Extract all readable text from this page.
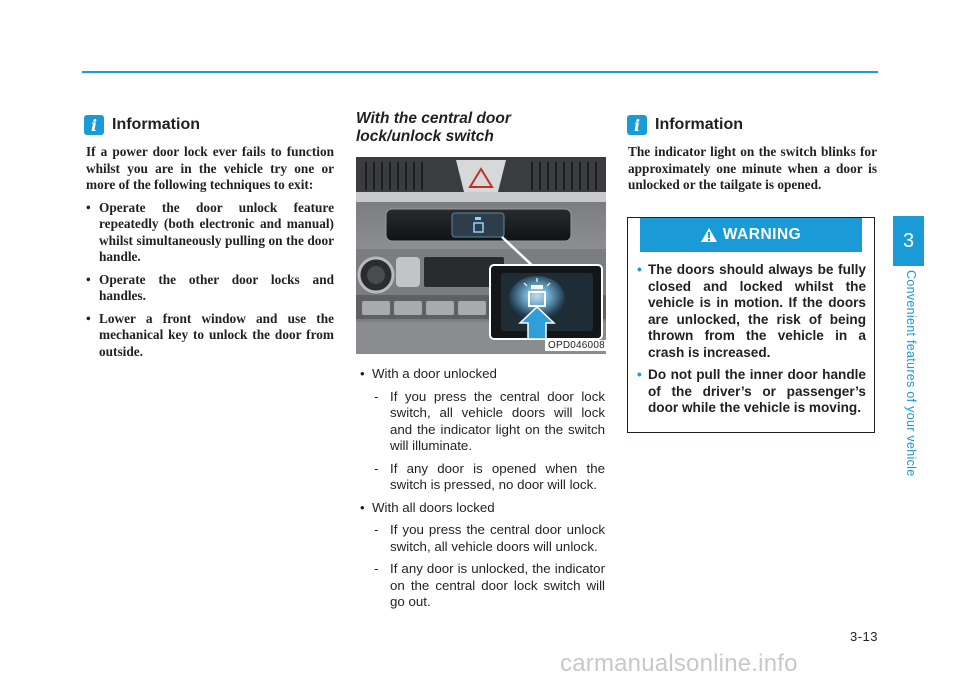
i Information

If a power door lock ever fails to function whilst you are in the vehicle try one or more of the following techniques to exit:

• Operate the door unlock feature repeatedly (both electronic and manual) whilst simultaneously pulling on the door handle.
• Operate the other door locks and handles.
• Lower a front window and use the mechanical key to unlock the door from outside.

With the central door
lock/unlock switch

OPD046008
• With a door unlocked
- If you press the central door lock switch, all vehicle doors will lock and the indicator light on the switch will illuminate.
- If any door is opened when the switch is pressed, no door will lock.
• With all doors locked
- If you press the central door unlock switch, all vehicle doors will unlock.
- If any door is unlocked, the indicator on the central door lock switch will go out.
i Information

The indicator light on the switch blinks for approximately one minute when a door is unlocked or the tailgate is opened.

WARNING
• The doors should always be fully closed and locked whilst the vehicle is in motion. If the doors are unlocked, the risk of being thrown from the vehicle in a crash is increased.
• Do not pull the inner door handle of the driver’s or passenger’s door while the vehicle is moving.
3
Convenient features of your vehicle
3-13
carmanualsonline.info
